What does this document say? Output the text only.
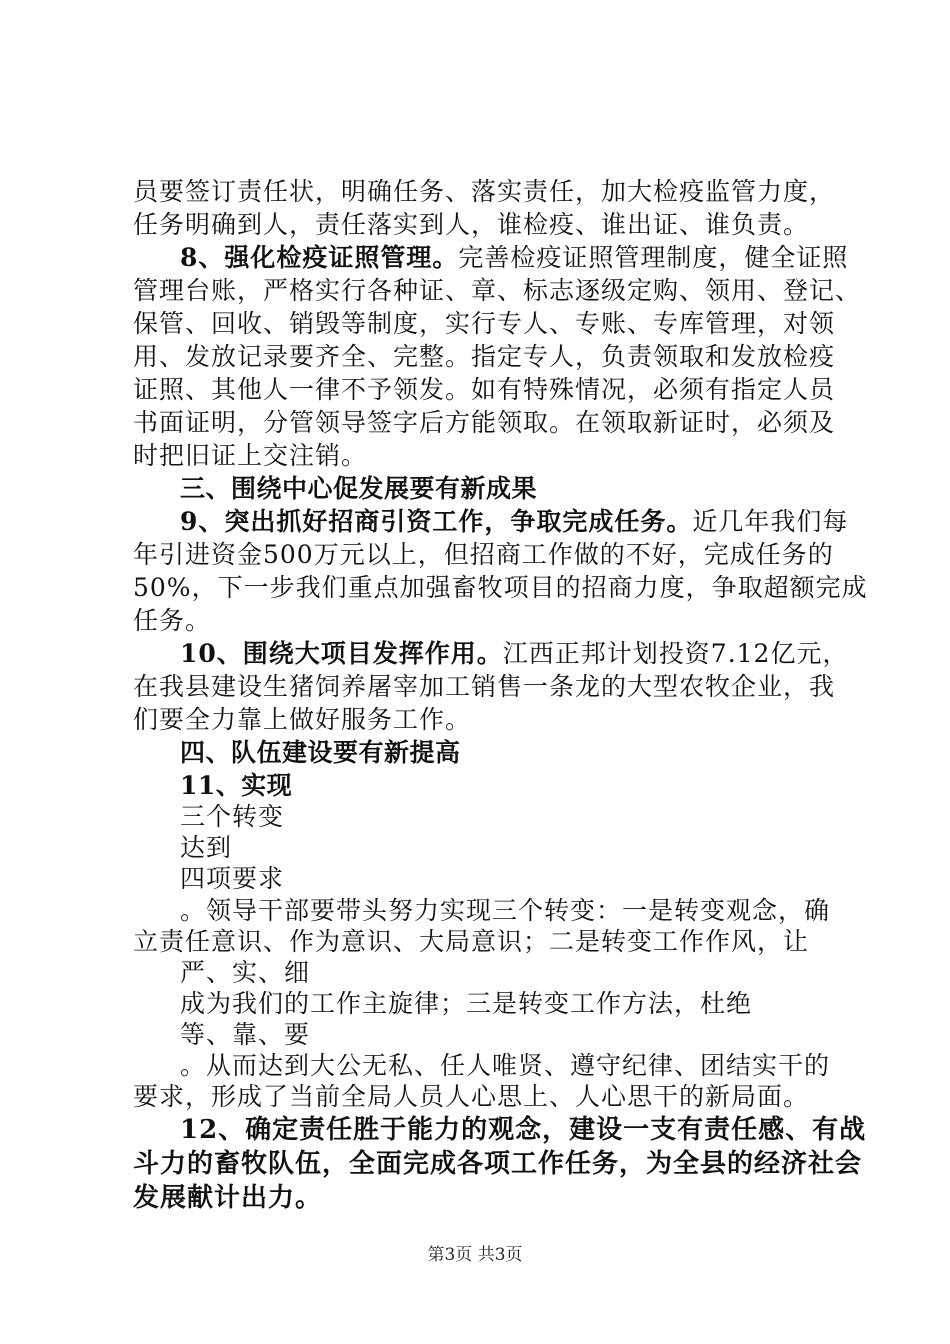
员要签订责任状，明确任务、落实责任，加大检疫监管力度，
任务明确到人，责任落实到人，谁检疫、谁出证、谁负责。
8、强化检疫证照管理。完善检疫证照管理制度，健全证照
管理台账，严格实行各种证、章、标志逐级定购、领用、登记、
保管、回收、销毁等制度，实行专人、专账、专库管理，对领
用、发放记录要齐全、完整。指定专人，负责领取和发放检疫
证照、其他人一律不予领发。如有特殊情况，必须有指定人员
书面证明，分管领导签字后方能领取。在领取新证时，必须及
时把旧证上交注销。
三、围绕中心促发展要有新成果
9、突出抓好招商引资工作，争取完成任务。近几年我们每
年引进资金500万元以上，但招商工作做的不好，完成任务的
50%，下一步我们重点加强畜牧项目的招商力度，争取超额完成
任务。
10、围绕大项目发挥作用。江西正邦计划投资7.12亿元，
在我县建设生猪饲养屠宰加工销售一条龙的大型农牧企业，我
们要全力靠上做好服务工作。
四、队伍建设要有新提高
11、实现
三个转变
达到
四项要求
。领导干部要带头努力实现三个转变：一是转变观念，确
立责任意识、作为意识、大局意识；二是转变工作作风，让
严、实、细
成为我们的工作主旋律；三是转变工作方法，杜绝
等、靠、要
。从而达到大公无私、任人唯贤、遵守纪律、团结实干的
要求，形成了当前全局人员人心思上、人心思干的新局面。
12、确定责任胜于能力的观念，建设一支有责任感、有战
斗力的畜牧队伍，全面完成各项工作任务，为全县的经济社会
发展献计出力。
第3页 共3页
